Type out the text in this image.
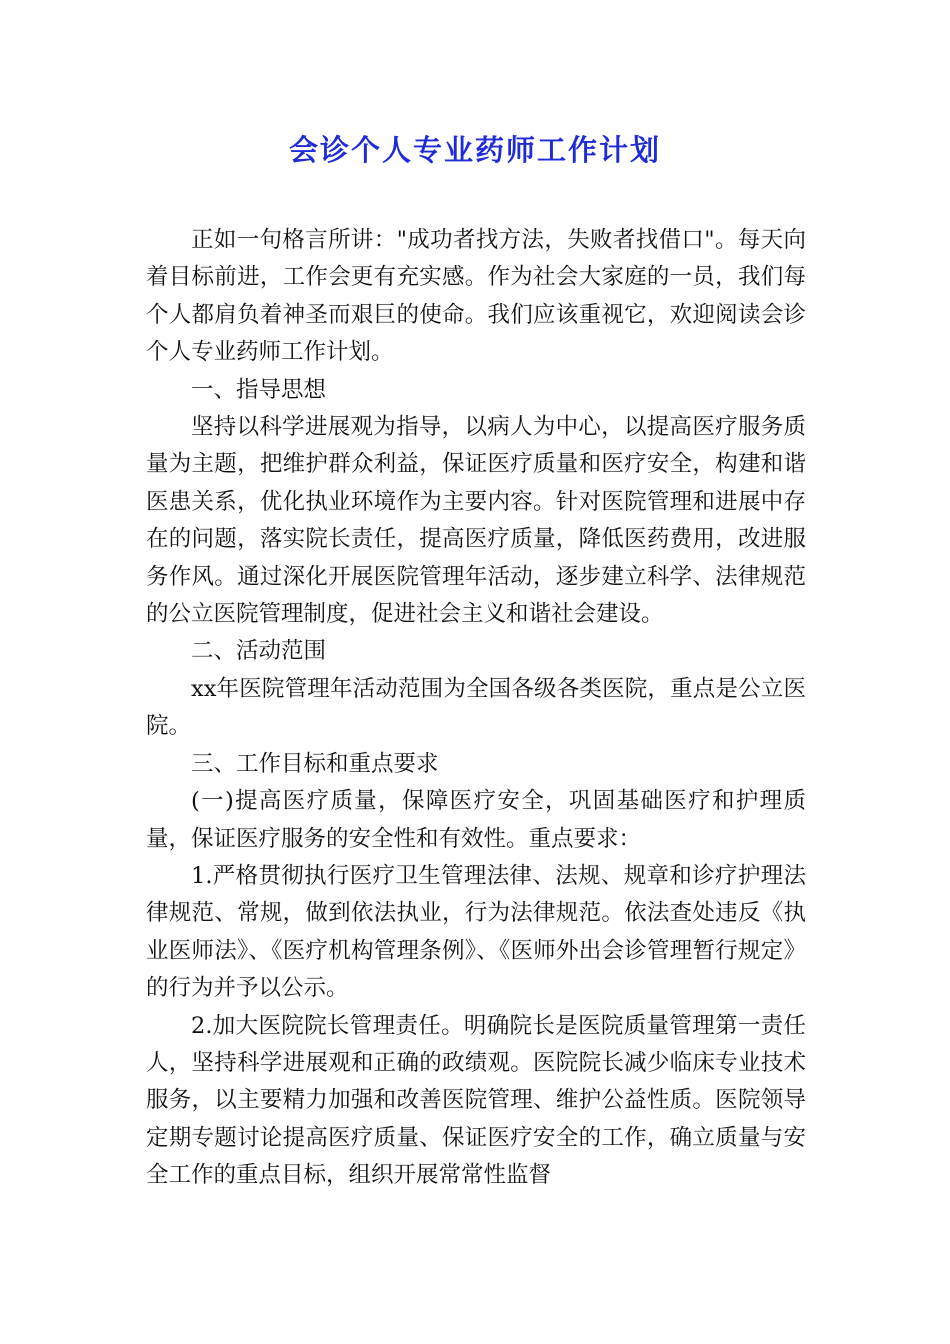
会诊个人专业药师工作计划

正如一句格言所讲："成功者找方法，失败者找借口"。每天向着目标前进，工作会更有充实感。作为社会大家庭的一员，我们每个人都肩负着神圣而艰巨的使命。我们应该重视它，欢迎阅读会诊个人专业药师工作计划。

一、指导思想

坚持以科学进展观为指导，以病人为中心，以提高医疗服务质量为主题，把维护群众利益，保证医疗质量和医疗安全，构建和谐医患关系，优化执业环境作为主要内容。针对医院管理和进展中存在的问题，落实院长责任，提高医疗质量，降低医药费用，改进服务作风。通过深化开展医院管理年活动，逐步建立科学、法律规范的公立医院管理制度，促进社会主义和谐社会建设。

二、活动范围

xx年医院管理年活动范围为全国各级各类医院，重点是公立医院。

三、工作目标和重点要求

(一)提高医疗质量，保障医疗安全，巩固基础医疗和护理质量，保证医疗服务的安全性和有效性。重点要求：

1.严格贯彻执行医疗卫生管理法律、法规、规章和诊疗护理法律规范、常规，做到依法执业，行为法律规范。依法查处违反《执业医师法》、《医疗机构管理条例》、《医师外出会诊管理暂行规定》的行为并予以公示。

2.加大医院院长管理责任。明确院长是医院质量管理第一责任人，坚持科学进展观和正确的政绩观。医院院长减少临床专业技术服务，以主要精力加强和改善医院管理、维护公益性质。医院领导定期专题讨论提高医疗质量、保证医疗安全的工作，确立质量与安全工作的重点目标，组织开展常常性监督
